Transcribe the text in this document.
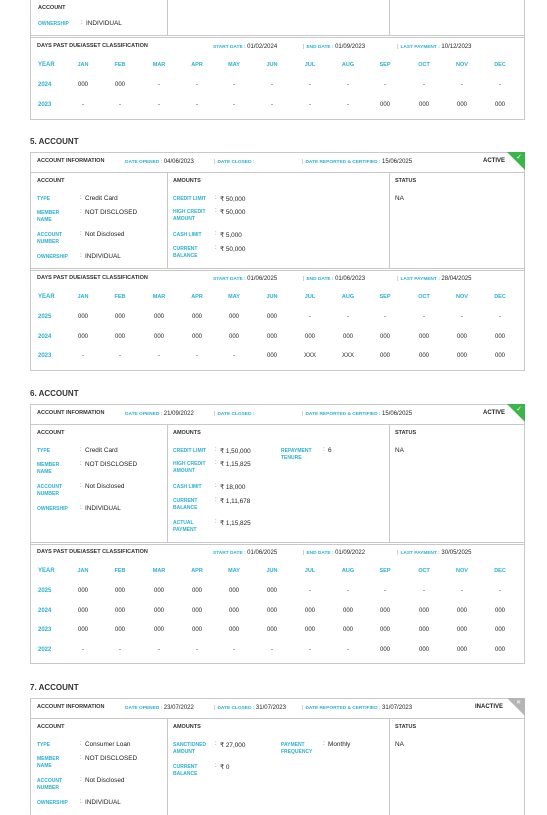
ACCOUNT
OWNERSHIP : INDIVIDUAL
5. ACCOUNT
ACTIVE ✓
6. ACCOUNT
ACTIVE ✓
7. ACCOUNT
INACTIVE
✕
DAYS PAST DUE/ASSET CLASSIFICATION	START DATE : 01/02/2024	| END DATE : 01/09/2023	| LAST PAYMENT : 10/12/2023
YEAR	JAN	FEB	MAR	APR	MAY	JUN	JUL	AUG	SEP	OCT	NOV	DEC
2024	000	000	-	-	-	-	-	-	-	-	-	-
2023	-	-	-	-	-	-	-	-	000	000	000	000
ACCOUNT INFORMATION	DATE OPENED : 04/06/2023	| DATE CLOSED :	| DATE REPORTED & CERTIFIED : 15/06/2025
ACCOUNT	AMOUNTS	STATUS
TYPE	: Credit Card
MEMBER NAME
: NOT DISCLOSED
ACCOUNT NUMBER
: Not Disclosed
OWNERSHIP	: INDIVIDUAL
CREDIT LIMIT : ₹ 50,000
HIGH CREDIT AMOUNT
: ₹ 50,000
CASH LIMIT	: ₹ 5,000
CURRENT BALANCE
: ₹ 50,000
NA
DAYS PAST DUE/ASSET CLASSIFICATION	START DATE : 01/06/2025	| END DATE : 01/06/2023	| LAST PAYMENT : 28/04/2025
YEAR	JAN	FEB	MAR	APR	MAY	JUN	JUL	AUG	SEP	OCT	NOV	DEC
2025	000	000	000	000	000	000	-	-	-	-	-	-
2024	000	000	000	000	000	000	000	000	000	000	000	000
2023	-	-	-	-	-	000	XXX	XXX	000	000	000	000
ACCOUNT INFORMATION	DATE OPENED : 21/09/2022	| DATE CLOSED :	| DATE REPORTED & CERTIFIED : 15/06/2025
ACCOUNT	AMOUNTS	STATUS
TYPE	: Credit Card
MEMBER NAME
: NOT DISCLOSED
ACCOUNT NUMBER
: Not Disclosed
OWNERSHIP	: INDIVIDUAL
CREDIT LIMIT : ₹ 1,50,000
HIGH CREDIT AMOUNT
: ₹ 1,15,825
CASH LIMIT	: ₹ 18,000
CURRENT BALANCE
: ₹ 1,11,678
ACTUAL PAYMENT
: ₹ 1,15,825
REPAYMENT TENURE
: 6	NA
DAYS PAST DUE/ASSET CLASSIFICATION	START DATE : 01/06/2025	| END DATE : 01/09/2022	| LAST PAYMENT : 30/05/2025
YEAR	JAN	FEB	MAR	APR	MAY	JUN	JUL	AUG	SEP	OCT	NOV	DEC
2025	000	000	000	000	000	000	-	-	-	-	-	-
2024	000	000	000	000	000	000	000	000	000	000	000	000
2023	000	000	000	000	000	000	000	000	000	000	000	000
2022	-	-	-	-	-	-	-	-	000	000	000	000
ACCOUNT INFORMATION	DATE OPENED : 23/07/2022	| DATE CLOSED : 31/07/2023	| DATE REPORTED & CERTIFIED : 31/07/2023
ACCOUNT	AMOUNTS	STATUS
TYPE	: Consumer Loan
MEMBER NAME
: NOT DISCLOSED
ACCOUNT NUMBER
: Not Disclosed
OWNERSHIP	: INDIVIDUAL
SANCTIONED AMOUNT
: ₹ 27,000
CURRENT BALANCE
: ₹ 0
PAYMENT FREQUENCY
: Monthly	NA
